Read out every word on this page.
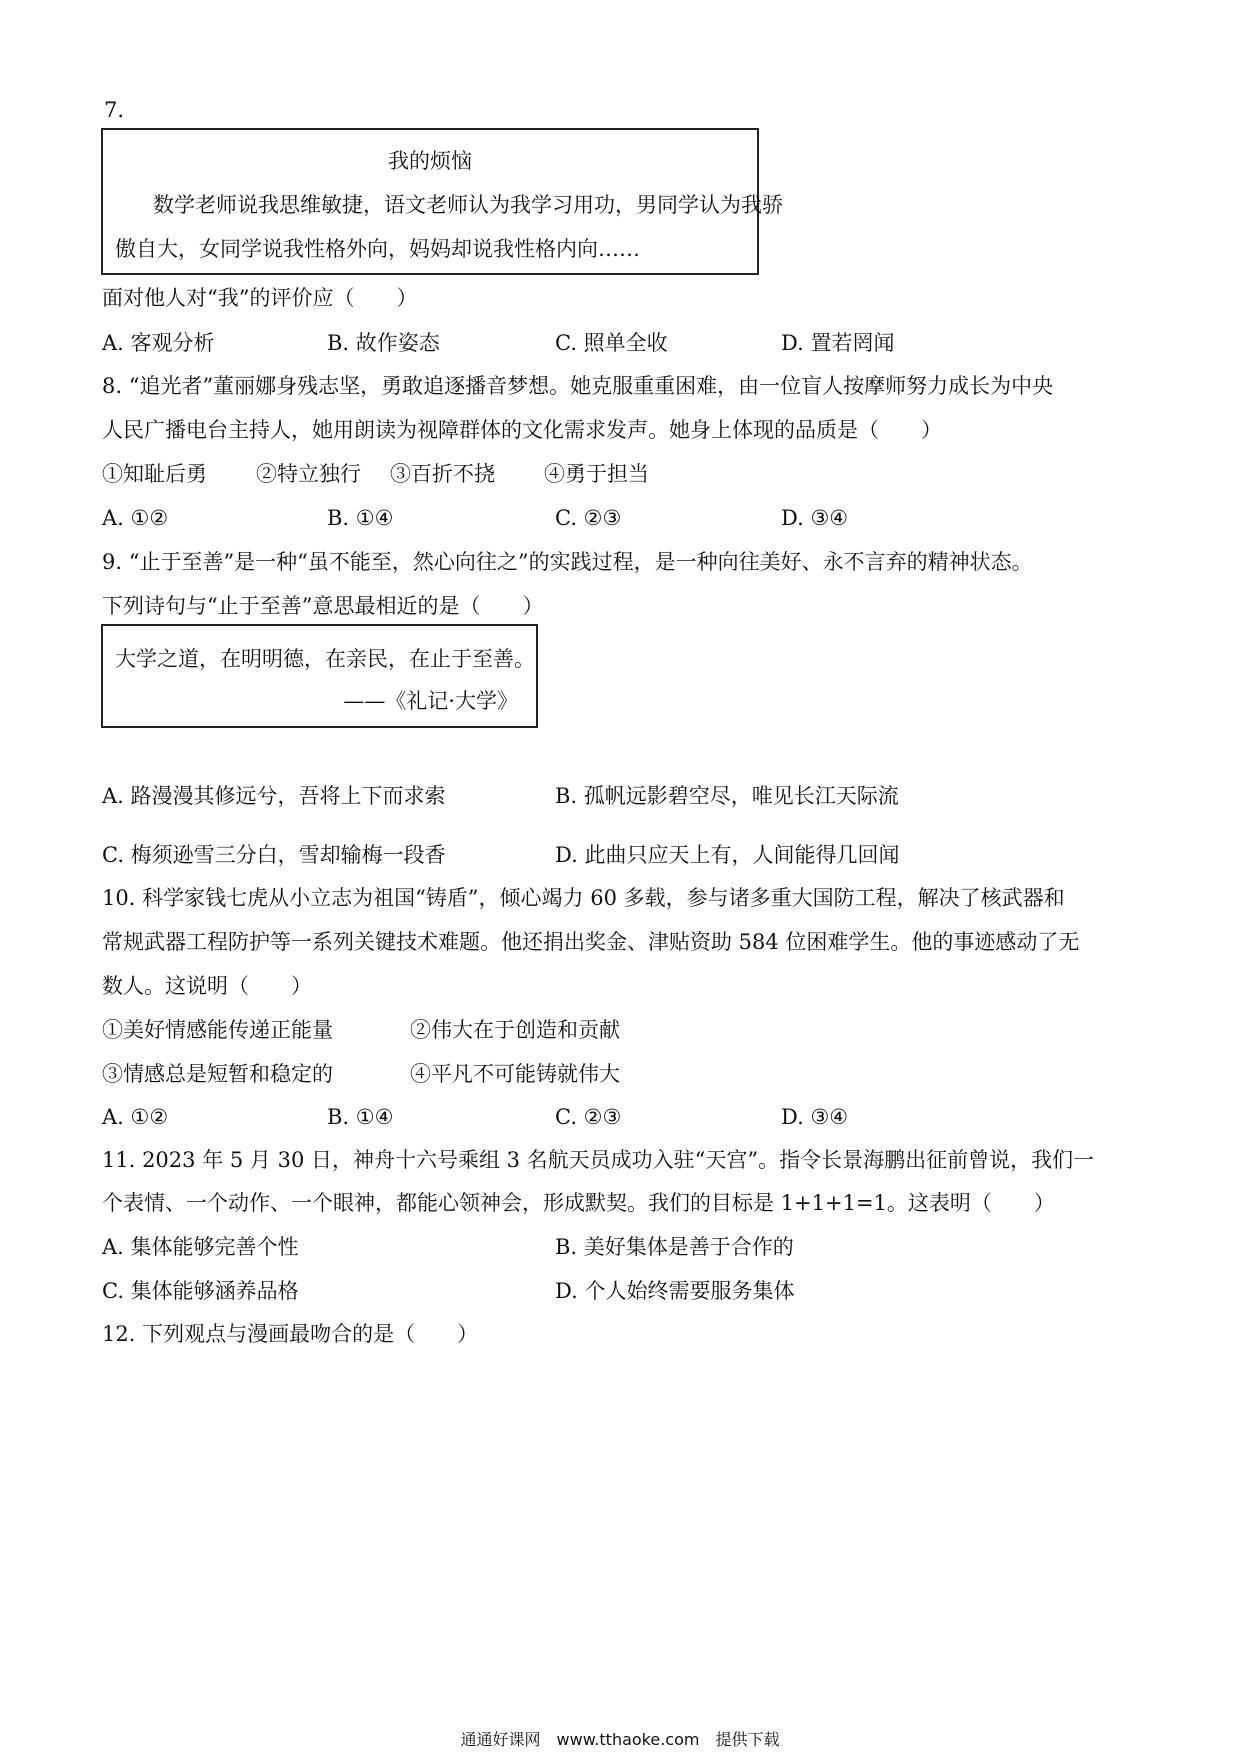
7.
我的烦恼
数学老师说我思维敏捷，语文老师认为我学习用功，男同学认为我骄
傲自大，女同学说我性格外向，妈妈却说我性格内向……
面对他人对“我”的评价应（　　）
A. 客观分析	B. 故作姿态	C. 照单全收	D. 置若罔闻
8. “追光者”董丽娜身残志坚，勇敢追逐播音梦想。她克服重重困难，由一位盲人按摩师努力成长为中央
人民广播电台主持人，她用朗读为视障群体的文化需求发声。她身上体现的品质是（　　）
①知耻后勇 ②特立独行 ③百折不挠 ④勇于担当
A. ①②	B. ①④	C. ②③	D. ③④
9. “止于至善”是一种“虽不能至，然心向往之”的实践过程，是一种向往美好、永不言弃的精神状态。
下列诗句与“止于至善”意思最相近的是（　　）
大学之道，在明明德，在亲民，在止于至善。
——《礼记·大学》
A. 路漫漫其修远兮，吾将上下而求索	B. 孤帆远影碧空尽，唯见长江天际流
C. 梅须逊雪三分白，雪却输梅一段香	D. 此曲只应天上有，人间能得几回闻
10. 科学家钱七虎从小立志为祖国“铸盾”，倾心竭力 60 多载，参与诸多重大国防工程，解决了核武器和
常规武器工程防护等一系列关键技术难题。他还捐出奖金、津贴资助 584 位困难学生。他的事迹感动了无
数人。这说明（　　）
①美好情感能传递正能量	②伟大在于创造和贡献
③情感总是短暂和稳定的	④平凡不可能铸就伟大
A. ①②	B. ①④	C. ②③	D. ③④
11. 2023 年 5 月 30 日，神舟十六号乘组 3 名航天员成功入驻“天宫”。指令长景海鹏出征前曾说，我们一
个表情、一个动作、一个眼神，都能心领神会，形成默契。我们的目标是 1+1+1=1。这表明（　　）
A. 集体能够完善个性	B. 美好集体是善于合作的
C. 集体能够涵养品格	D. 个人始终需要服务集体
12. 下列观点与漫画最吻合的是（　　）
通通好课网　www.tthaoke.com　提供下载
